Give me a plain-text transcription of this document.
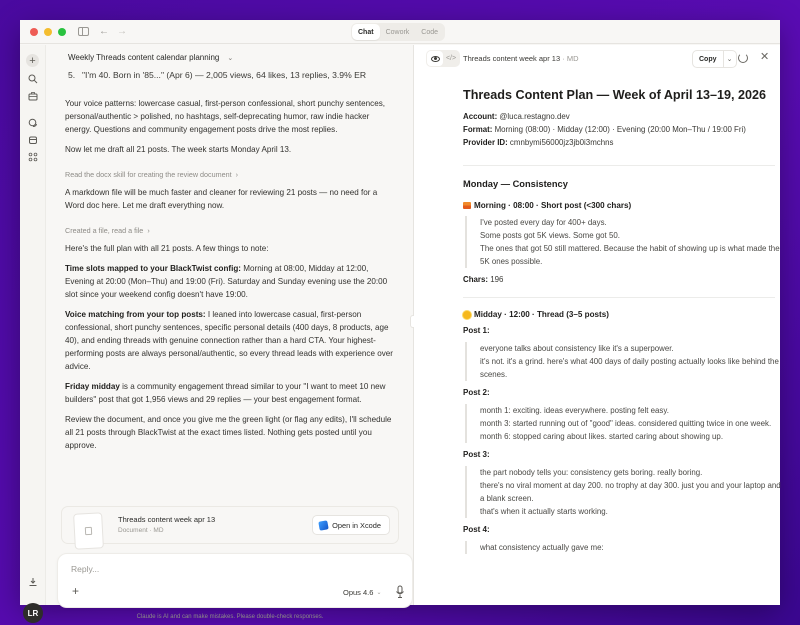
← →	Chat	Cowork	Code
+
LR
Weekly Threads content calendar planning ⌄
5. "I'm 40. Born in '85..." (Apr 6) — 2,005 views, 64 likes, 13 replies, 3.9% ER

Your voice patterns: lowercase casual, first-person confessional, short punchy sentences, personal/authentic > polished, no hashtags, self-deprecating humor, raw indie hacker energy. Questions and community engagement posts drive the most replies.

Now let me draft all 21 posts. The week starts Monday April 13.

Read the docx skill for creating the review document ›

A markdown file will be much faster and cleaner for reviewing 21 posts — no need for a Word doc here. Let me draft everything now.

Created a file, read a file ›

Here's the full plan with all 21 posts. A few things to note:

Time slots mapped to your BlackTwist config: Morning at 08:00, Midday at 12:00, Evening at 20:00 (Mon–Thu) and 19:00 (Fri). Saturday and Sunday evening use the 20:00 slot since your weekend config doesn't have 19:00.

Voice matching from your top posts: I leaned into lowercase casual, first-person confessional, short punchy sentences, specific personal details (400 days, 8 products, age 40), and ending threads with genuine connection rather than a hard CTA. Your highest-performing posts are always personal/authentic, so every thread leads with experience over advice.

Friday midday is a community engagement thread similar to your "I want to meet 10 new builders" post that got 1,956 views and 29 replies — your best engagement format.

Review the document, and once you give me the green light (or flag any edits), I'll schedule all 21 posts through BlackTwist at the exact times listed. Nothing gets posted until you approve.

Threads content week apr 13
Document · MD
Open in Xcode
Reply...
+	Opus 4.6 ⌄
Claude is AI and can make mistakes. Please double-check responses.
</> Threads content week apr 13 · MD	Copy	⌄	✕
Threads Content Plan — Week of April 13–19, 2026
Account: @luca.restagno.dev
Format: Morning (08:00) · Midday (12:00) · Evening (20:00 Mon–Thu / 19:00 Fri)
Provider ID: cmnbymi56000jz3jb0i3mchns
Monday — Consistency
Morning · 08:00 · Short post (<300 chars)
I've posted every day for 400+ days.
Some posts got 5K views. Some got 50.
The ones that got 50 still mattered. Because the habit of showing up is what made the 5K ones possible.
Chars: 196
Midday · 12:00 · Thread (3–5 posts)
Post 1:
everyone talks about consistency like it's a superpower.
it's not. it's a grind. here's what 400 days of daily posting actually looks like behind the scenes.
Post 2:
month 1: exciting. ideas everywhere. posting felt easy.
month 3: started running out of "good" ideas. considered quitting twice in one week.
month 6: stopped caring about likes. started caring about showing up.
Post 3:
the part nobody tells you: consistency gets boring. really boring.
there's no viral moment at day 200. no trophy at day 300. just you and your laptop and a blank screen.
that's when it actually starts working.
Post 4:
what consistency actually gave me:
